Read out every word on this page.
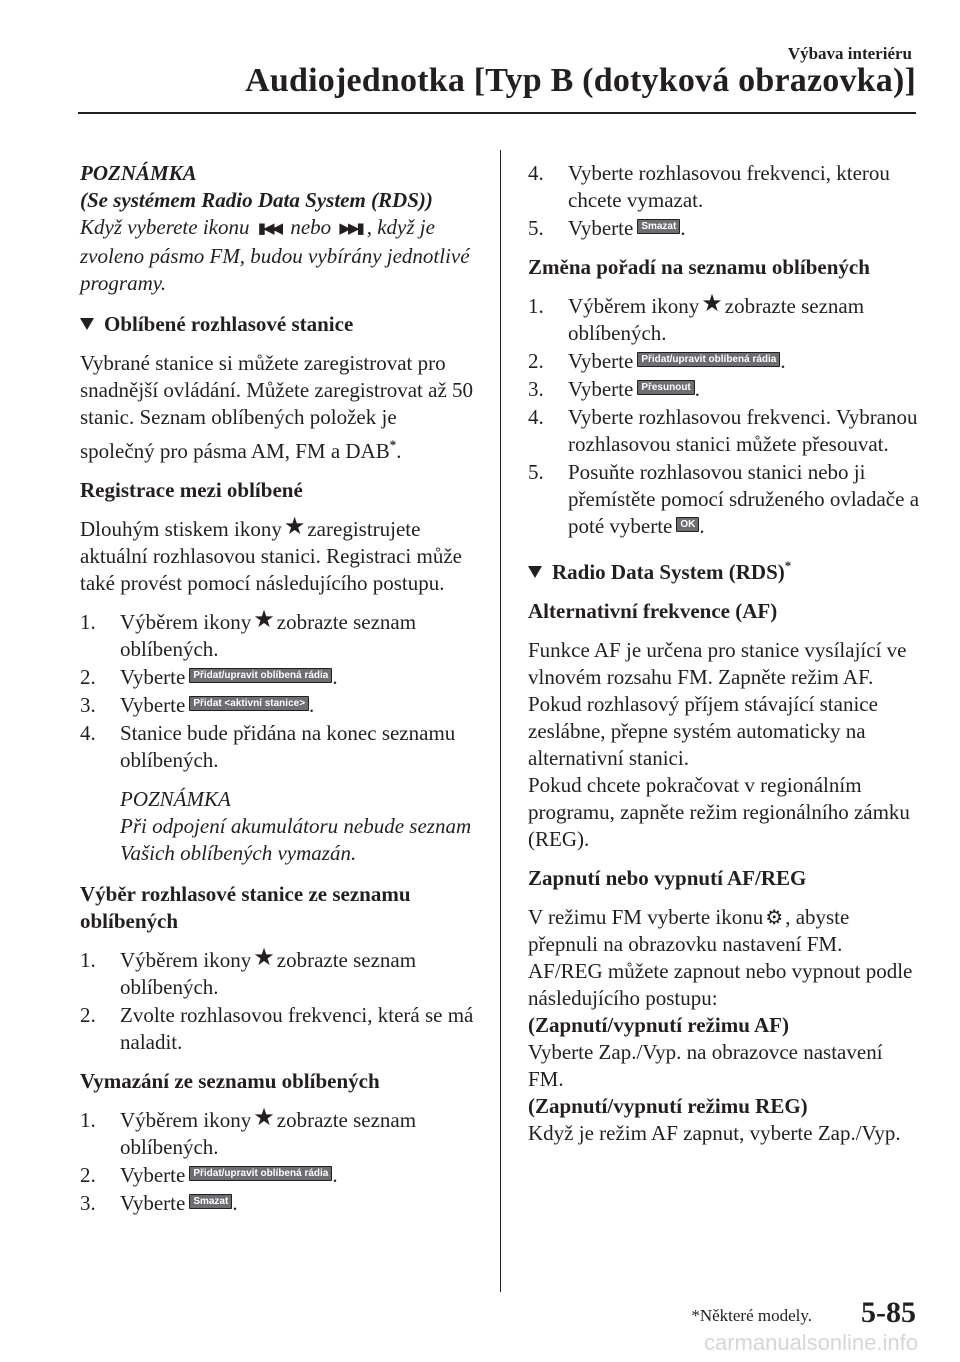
Výbava interiéru
Audiojednotka [Typ B (dotyková obrazovka)]
POZNÁMKA
(Se systémem Radio Data System (RDS))
Když vyberete ikonu ▮◀◀ nebo ▶▶▮ , když je zvoleno pásmo FM, budou vybírány jednotlivé programy.
Oblíbené rozhlasové stanice
Vybrané stanice si můžete zaregistrovat pro snadnější ovládání. Můžete zaregistrovat až 50 stanic. Seznam oblíbených položek je společný pro pásma AM, FM a DAB*.
Registrace mezi oblíbené
Dlouhým stiskem ikony★zaregistrujete aktuální rozhlasovou stanici. Registraci může také provést pomocí následujícího postupu.
1.	Výběrem ikony★zobrazte seznam oblíbených.
2.	Vyberte Přidat/upravit oblíbená rádia .
3.	Vyberte Přidat <aktivní stanice> .
4.	Stanice bude přidána na konec seznamu oblíbených.
POZNÁMKA
Při odpojení akumulátoru nebude seznam Vašich oblíbených vymazán.
Výběr rozhlasové stanice ze seznamu oblíbených
1.	Výběrem ikony★zobrazte seznam oblíbených.
2.	Zvolte rozhlasovou frekvenci, která se má naladit.
Vymazání ze seznamu oblíbených
1.	Výběrem ikony★zobrazte seznam oblíbených.
2.	Vyberte Přidat/upravit oblíbená rádia .
3.	Vyberte Smazat .
4.	Vyberte rozhlasovou frekvenci, kterou chcete vymazat.
5.	Vyberte Smazat .
Změna pořadí na seznamu oblíbených
1.	Výběrem ikony★zobrazte seznam oblíbených.
2.	Vyberte Přidat/upravit oblíbená rádia .
3.	Vyberte Přesunout .
4.	Vyberte rozhlasovou frekvenci. Vybranou rozhlasovou stanici můžete přesouvat.
5.	Posuňte rozhlasovou stanici nebo ji přemístěte pomocí sdruženého ovladače a poté vyberte OK .
Radio Data System (RDS)*
Alternativní frekvence (AF)
Funkce AF je určena pro stanice vysílající ve vlnovém rozsahu FM. Zapněte režim AF. Pokud rozhlasový příjem stávající stanice zeslábne, přepne systém automaticky na alternativní stanici.
Pokud chcete pokračovat v regionálním programu, zapněte režim regionálního zámku (REG).
Zapnutí nebo vypnutí AF/REG
V režimu FM vyberte ikonu ⚙, abyste přepnuli na obrazovku nastavení FM.
AF/REG můžete zapnout nebo vypnout podle následujícího postupu:
(Zapnutí/vypnutí režimu AF)
Vyberte Zap./Vyp. na obrazovce nastavení FM.
(Zapnutí/vypnutí režimu REG)
Když je režim AF zapnut, vyberte Zap./Vyp.
*Některé modely. 5-85
carmanualsonline.info
